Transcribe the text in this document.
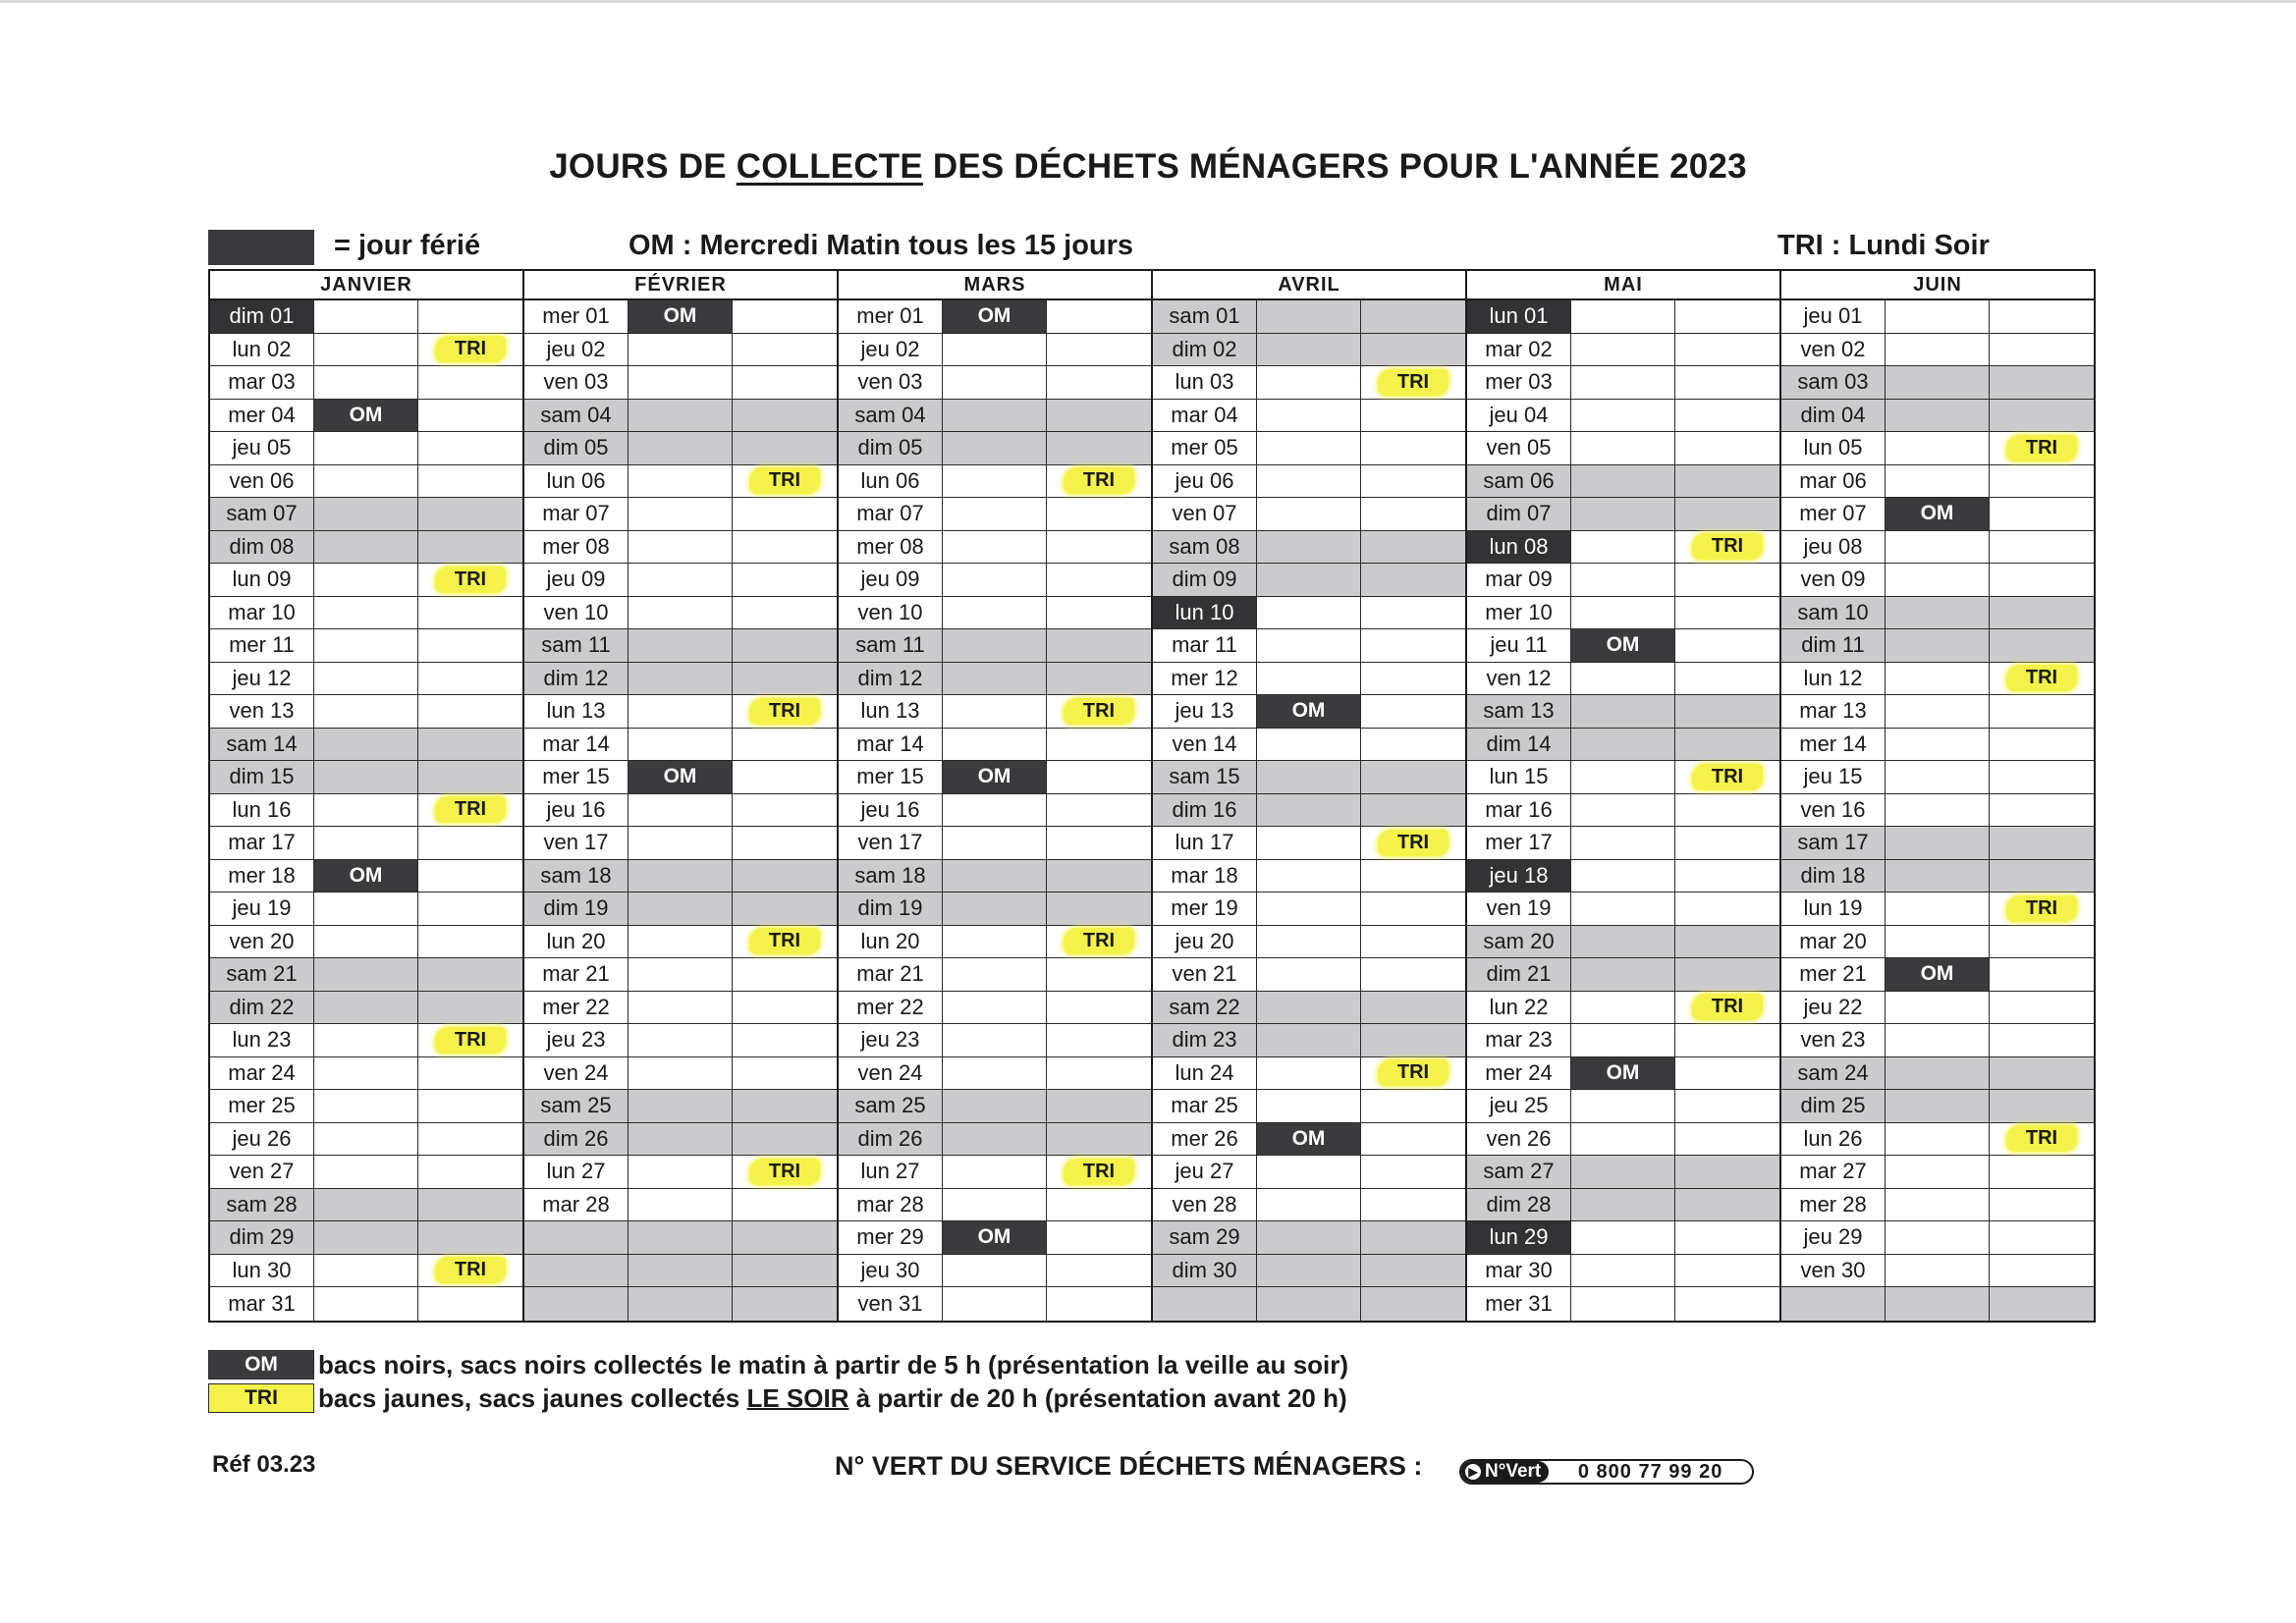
JOURS DE COLLECTE DES DÉCHETS MÉNAGERS POUR L'ANNÉE 2023
= jour férié	OM : Mercredi Matin tous les 15 jours	TRI : Lundi Soir
JANVIER
dim 01
lun 02	TRI
mar 03
mer 04	OM
jeu 05
ven 06
sam 07
dim 08
lun 09	TRI
mar 10
mer 11
jeu 12
ven 13
sam 14
dim 15
lun 16	TRI
mar 17
mer 18	OM
jeu 19
ven 20
sam 21
dim 22
lun 23	TRI
mar 24
mer 25
jeu 26
ven 27
sam 28
dim 29
lun 30	TRI
mar 31
FÉVRIER
mer 01	OM
jeu 02
ven 03
sam 04
dim 05
lun 06	TRI
mar 07
mer 08
jeu 09
ven 10
sam 11
dim 12
lun 13	TRI
mar 14
mer 15	OM
jeu 16
ven 17
sam 18
dim 19
lun 20	TRI
mar 21
mer 22
jeu 23
ven 24
sam 25
dim 26
lun 27	TRI
mar 28
MARS
mer 01	OM
jeu 02
ven 03
sam 04
dim 05
lun 06	TRI
mar 07
mer 08
jeu 09
ven 10
sam 11
dim 12
lun 13	TRI
mar 14
mer 15	OM
jeu 16
ven 17
sam 18
dim 19
lun 20	TRI
mar 21
mer 22
jeu 23
ven 24
sam 25
dim 26
lun 27	TRI
mar 28
mer 29	OM
jeu 30
ven 31
AVRIL
sam 01
dim 02
lun 03	TRI
mar 04
mer 05
jeu 06
ven 07
sam 08
dim 09
lun 10
mar 11
mer 12
jeu 13	OM
ven 14
sam 15
dim 16
lun 17	TRI
mar 18
mer 19
jeu 20
ven 21
sam 22
dim 23
lun 24	TRI
mar 25
mer 26	OM
jeu 27
ven 28
sam 29
dim 30
MAI
lun 01
mar 02
mer 03
jeu 04
ven 05
sam 06
dim 07
lun 08	TRI
mar 09
mer 10
jeu 11	OM
ven 12
sam 13
dim 14
lun 15	TRI
mar 16
mer 17
jeu 18
ven 19
sam 20
dim 21
lun 22	TRI
mar 23
mer 24	OM
jeu 25
ven 26
sam 27
dim 28
lun 29
mar 30
mer 31
JUIN
jeu 01
ven 02
sam 03
dim 04
lun 05	TRI
mar 06
mer 07	OM
jeu 08
ven 09
sam 10
dim 11
lun 12	TRI
mar 13
mer 14
jeu 15
ven 16
sam 17
dim 18
lun 19	TRI
mar 20
mer 21	OM
jeu 22
ven 23
sam 24
dim 25
lun 26	TRI
mar 27
mer 28
jeu 29
ven 30
OM	bacs noirs, sacs noirs collectés le matin à partir de 5 h (présentation la veille au soir)
TRI	bacs jaunes, sacs jaunes collectés LE SOIR à partir de 20 h (présentation avant 20 h)
Réf 03.23	N° VERT DU SERVICE DÉCHETS MÉNAGERS :	▶ N°Vert	0 800 77 99 20
